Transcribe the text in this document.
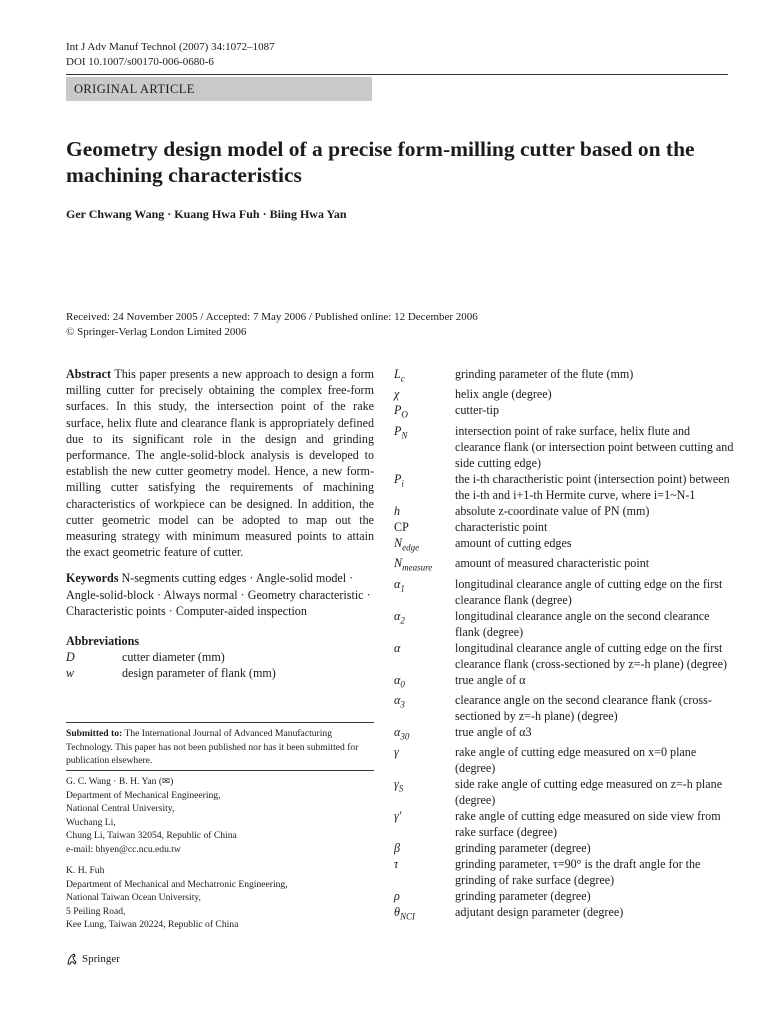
Int J Adv Manuf Technol (2007) 34:1072–1087
DOI 10.1007/s00170-006-0680-6
ORIGINAL ARTICLE
Geometry design model of a precise form-milling cutter based on the machining characteristics
Ger Chwang Wang · Kuang Hwa Fuh · Biing Hwa Yan
Received: 24 November 2005 / Accepted: 7 May 2006 / Published online: 12 December 2006
© Springer-Verlag London Limited 2006
Abstract This paper presents a new approach to design a form milling cutter for precisely obtaining the complex free-form surfaces. In this study, the intersection point of the rake surface, helix flute and clearance flank is appropriately defined due to its significant role in the design and grinding performance. The angle-solid-block analysis is developed to establish the new cutter geometry model. Hence, a new form-milling cutter satisfying the requirements of machining characteristics of workpiece can be designed. In addition, the cutter geometric model can be adopted to map out the measuring strategy with minimum measured points to attain the exact geometric feature of cutter.
Keywords N-segments cutting edges · Angle-solid model · Angle-solid-block · Always normal · Geometry characteristic · Characteristic points · Computer-aided inspection
Abbreviations
D	cutter diameter (mm)
w	design parameter of flank (mm)
Submitted to: The International Journal of Advanced Manufacturing Technology. This paper has not been published nor has it been submitted for publication elsewhere.
G. C. Wang · B. H. Yan (✉)
Department of Mechanical Engineering,
National Central University,
Wuchang Li,
Chung Li, Taiwan 32054, Republic of China
e-mail: bhyen@cc.ncu.edu.tw
K. H. Fuh
Department of Mechanical and Mechatronic Engineering,
National Taiwan Ocean University,
5 Peiling Road,
Kee Lung, Taiwan 20224, Republic of China
$L_c$	grinding parameter of the flute (mm)
χ	helix angle (degree)
$P_O$	cutter-tip
$P_N$	intersection point of rake surface, helix flute and clearance flank (or intersection point between cutting and side cutting edge)
$P_i$	the i-th charactheristic point (intersection point) between the i-th and i+1-th Hermite curve, where i=1~N-1
h	absolute z-coordinate value of PN (mm)
CP	characteristic point
$N_{edge}$	amount of cutting edges
$N_{measure}$	amount of measured characteristic point
$\alpha_1$	longitudinal clearance angle of cutting edge on the first clearance flank (degree)
$\alpha_2$	longitudinal clearance angle on the second clearance flank (degree)
α	longitudinal clearance angle of cutting edge on the first clearance flank (cross-sectioned by z=-h plane) (degree)
$\alpha_0$	true angle of α
$\alpha_3$	clearance angle on the second clearance flank (cross-sectioned by z=-h plane) (degree)
$\alpha_{30}$	true angle of α3
γ	rake angle of cutting edge measured on x=0 plane (degree)
$\gamma_S$	side rake angle of cutting edge measured on z=-h plane (degree)
γ′	rake angle of cutting edge measured on side view from rake surface (degree)
β	grinding parameter (degree)
τ	grinding parameter, τ=90° is the draft angle for the grinding of rake surface (degree)
ρ	grinding parameter (degree)
$\theta_{NCI}$	adjutant design parameter (degree)
Springer
